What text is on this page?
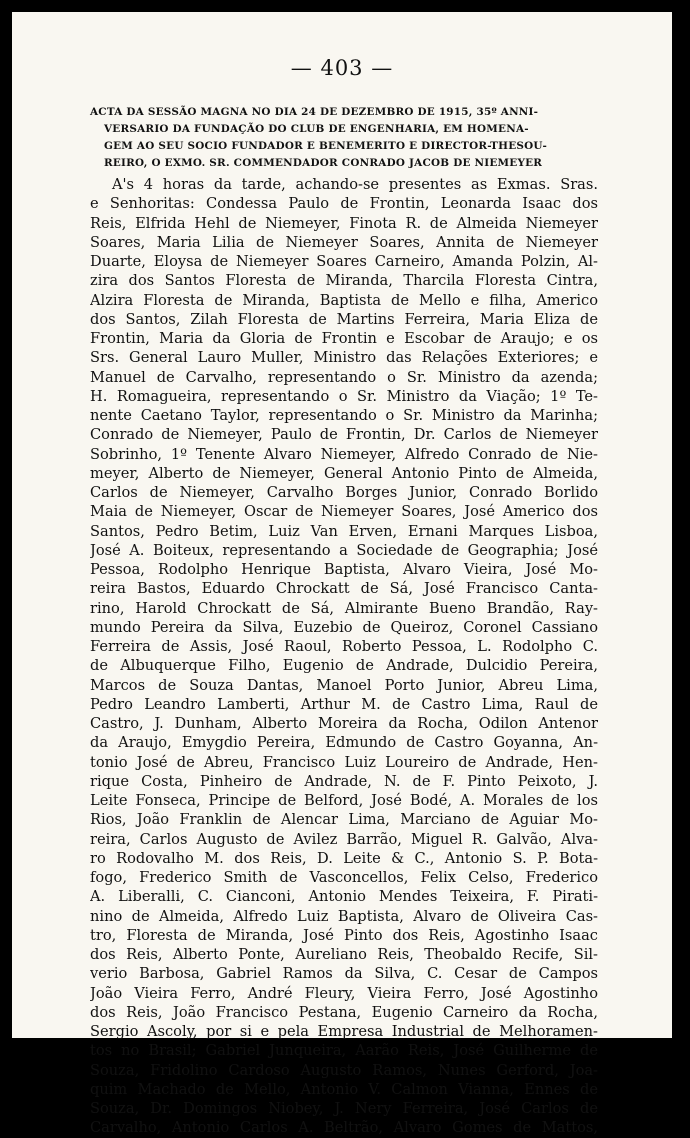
— 403 —
ACTA DA SESSÃO MAGNA NO DIA 24 DE DEZEMBRO DE 1915, 35º ANNI-
VERSARIO DA FUNDAÇÃO DO CLUB DE ENGENHARIA, EM HOMENA-
GEM AO SEU SOCIO FUNDADOR E BENEMERITO E DIRECTOR-THESOU-
REIRO, O EXMO. SR. COMMENDADOR CONRADO JACOB DE NIEMEYER
A's 4 horas da tarde, achando-se presentes as Exmas. Sras.
e Senhoritas: Condessa Paulo de Frontin, Leonarda Isaac dos
Reis, Elfrida Hehl de Niemeyer, Finota R. de Almeida Niemeyer
Soares, Maria Lilia de Niemeyer Soares, Annita de Niemeyer
Duarte, Eloysa de Niemeyer Soares Carneiro, Amanda Polzin, Al-
zira dos Santos Floresta de Miranda, Tharcila Floresta Cintra,
Alzira Floresta de Miranda, Baptista de Mello e filha, Americo
dos Santos, Zilah Floresta de Martins Ferreira, Maria Eliza de
Frontin, Maria da Gloria de Frontin e Escobar de Araujo; e os
Srs. General Lauro Muller, Ministro das Relações Exteriores; e
Manuel de Carvalho, representando o Sr. Ministro da azenda;
H. Romagueira, representando o Sr. Ministro da Viação; 1º Te-
nente Caetano Taylor, representando o Sr. Ministro da Marinha;
Conrado de Niemeyer, Paulo de Frontin, Dr. Carlos de Niemeyer
Sobrinho, 1º Tenente Alvaro Niemeyer, Alfredo Conrado de Nie-
meyer, Alberto de Niemeyer, General Antonio Pinto de Almeida,
Carlos de Niemeyer, Carvalho Borges Junior, Conrado Borlido
Maia de Niemeyer, Oscar de Niemeyer Soares, José Americo dos
Santos, Pedro Betim, Luiz Van Erven, Ernani Marques Lisboa,
José A. Boiteux, representando a Sociedade de Geographia; José
Pessoa, Rodolpho Henrique Baptista, Alvaro Vieira, José Mo-
reira Bastos, Eduardo Chrockatt de Sá, José Francisco Canta-
rino, Harold Chrockatt de Sá, Almirante Bueno Brandão, Ray-
mundo Pereira da Silva, Euzebio de Queiroz, Coronel Cassiano
Ferreira de Assis, José Raoul, Roberto Pessoa, L. Rodolpho C.
de Albuquerque Filho, Eugenio de Andrade, Dulcidio Pereira,
Marcos de Souza Dantas, Manoel Porto Junior, Abreu Lima,
Pedro Leandro Lamberti, Arthur M. de Castro Lima, Raul de
Castro, J. Dunham, Alberto Moreira da Rocha, Odilon Antenor
da Araujo, Emygdio Pereira, Edmundo de Castro Goyanna, An-
tonio José de Abreu, Francisco Luiz Loureiro de Andrade, Hen-
rique Costa, Pinheiro de Andrade, N. de F. Pinto Peixoto, J.
Leite Fonseca, Principe de Belford, José Bodé, A. Morales de los
Rios, João Franklin de Alencar Lima, Marciano de Aguiar Mo-
reira, Carlos Augusto de Avilez Barrão, Miguel R. Galvão, Alva-
ro Rodovalho M. dos Reis, D. Leite & C., Antonio S. P. Bota-
fogo, Frederico Smith de Vasconcellos, Felix Celso, Frederico
A. Liberalli, C. Cianconi, Antonio Mendes Teixeira, F. Pirati-
nino de Almeida, Alfredo Luiz Baptista, Alvaro de Oliveira Cas-
tro, Floresta de Miranda, José Pinto dos Reis, Agostinho Isaac
dos Reis, Alberto Ponte, Aureliano Reis, Theobaldo Recife, Sil-
verio Barbosa, Gabriel Ramos da Silva, C. Cesar de Campos
João Vieira Ferro, André Fleury, Vieira Ferro, José Agostinho
dos Reis, João Francisco Pestana, Eugenio Carneiro da Rocha,
Sergio Ascoly, por si e pela Empresa Industrial de Melhoramen-
tos no Brasil; Gabriel Junqueira, Aarão Reis, José Guilherme de
Souza, Fridolino Cardoso Augusto Ramos, Nunes Gerford, Joa-
quim Machado de Mello, Antonio V. Calmon Vianna, Ennes de
Souza, Dr. Domingos Niobey, J. Nery Ferreira, José Carlos de
Carvalho, Antonio Carlos A. Beltrão, Alvaro Gomes de Mattos,
